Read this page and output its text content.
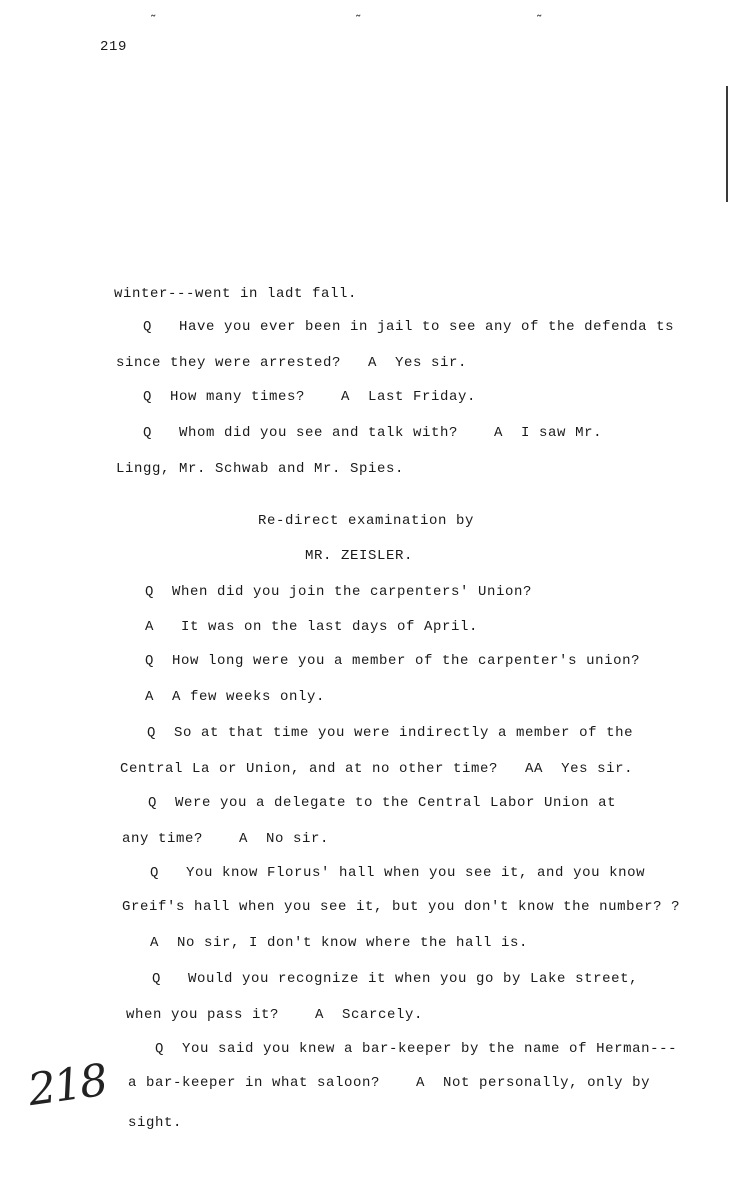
˷	˷	˷
219
winter---went in ladt fall.
Q   Have you ever been in jail to see any of the defenda ts
since they were arrested?   A  Yes sir.
Q  How many times?    A  Last Friday.
Q   Whom did you see and talk with?    A  I saw Mr.
Lingg, Mr. Schwab and Mr. Spies.
Re-direct examination by
MR. ZEISLER.
Q  When did you join the carpenters' Union?
A   It was on the last days of April.
Q  How long were you a member of the carpenter's union?
A  A few weeks only.
Q  So at that time you were indirectly a member of the
Central La or Union, and at no other time?   AA  Yes sir.
Q  Were you a delegate to the Central Labor Union at
any time?    A  No sir.
Q   You know Florus' hall when you see it, and you know
Greif's hall when you see it, but you don't know the number? ?
A  No sir, I don't know where the hall is.
Q   Would you recognize it when you go by Lake street,
when you pass it?    A  Scarcely.
Q  You said you knew a bar-keeper by the name of Herman---
a bar-keeper in what saloon?    A  Not personally, only by
sight.
218
